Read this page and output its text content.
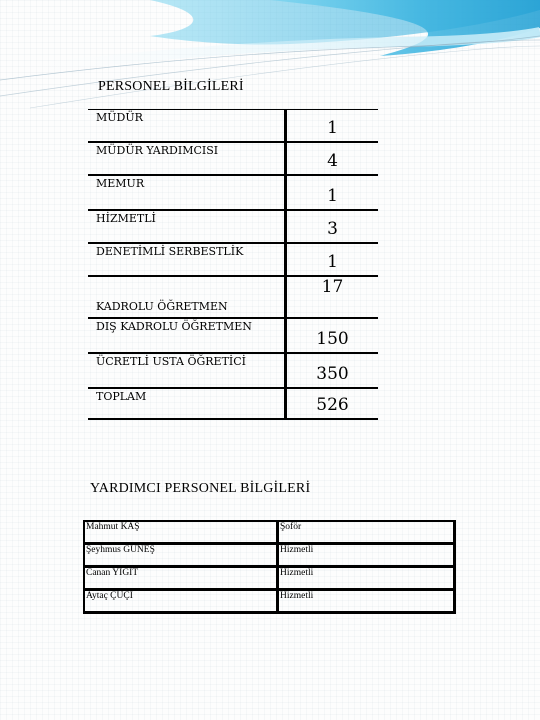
PERSONEL BİLGİLERİ
MÜDÜR	1
MÜDÜR YARDIMCISI	4
MEMUR	1
HİZMETLİ	3
DENETİMLİ SERBESTLİK	1
KADROLU ÖĞRETMEN	17
DIŞ KADROLU ÖĞRETMEN	150
ÜCRETLİ USTA ÖĞRETİCİ	350
TOPLAM	526
YARDIMCI PERSONEL BİLGİLERİ
Mahmut KAŞ	Şoför
Şeyhmus GÜNEŞ	Hizmetli
Canan YİĞİT	Hizmetli
Aytaç ÇUÇİ	Hizmetli
